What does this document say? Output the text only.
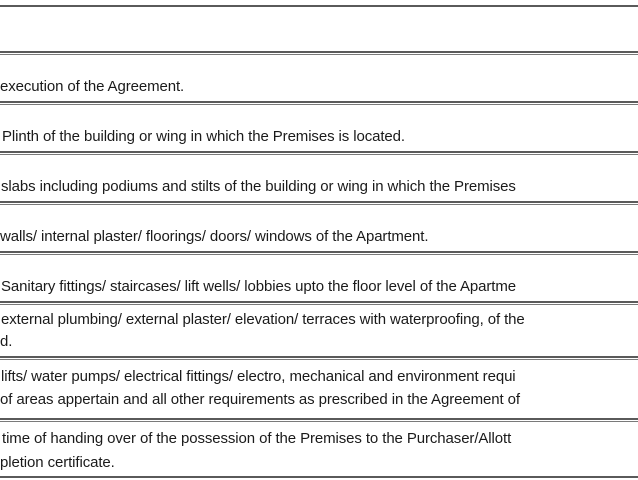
execution of the Agreement.
Plinth of the building or wing in which the Premises is located.
slabs including podiums and stilts of the building or wing in which the Premises
walls/ internal plaster/ floorings/ doors/ windows of the Apartment.
Sanitary fittings/ staircases/ lift wells/ lobbies upto the floor level of the Apartme
external plumbing/ external plaster/ elevation/ terraces with waterproofing, of the
d.
lifts/ water pumps/ electrical fittings/ electro, mechanical and environment requi
of areas appertain and all other requirements as prescribed in the Agreement of
time of handing over of the possession of the Premises to the Purchaser/Allott
pletion certificate.
